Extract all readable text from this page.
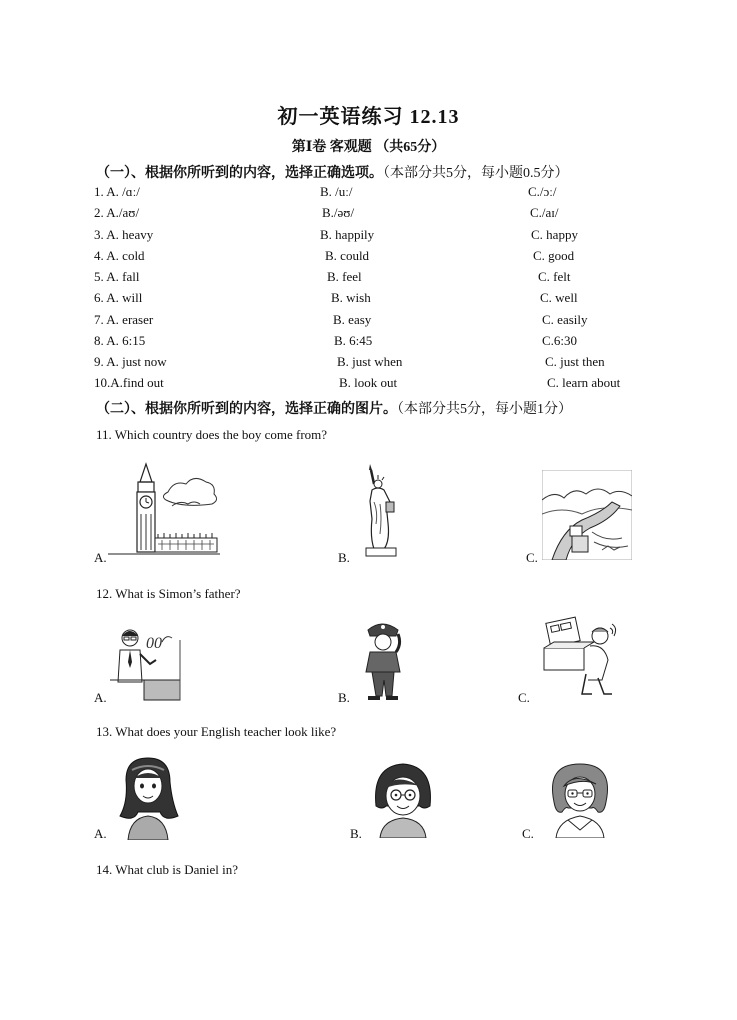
初一英语练习 12.13
第Ⅰ卷 客观题 （共65分）
（一）、根据你所听到的内容，选择正确选项。（本部分共5分，每小题0.5分）
1. A. /ɑː/	B. /uː/	C./ɔː/
2. A./aʊ/	B./əʊ/	C./aɪ/
3. A. heavy	B. happily	C. happy
4. A. cold	B. could	C. good
5. A. fall	B. feel	C. felt
6. A. will	B. wish	C. well
7. A. eraser	B. easy	C. easily
8. A. 6:15	B. 6:45	C.6:30
9. A. just now	B. just when	C. just then
10.A.find out	B. look out	C. learn about
（二）、根据你所听到的内容，选择正确的图片。（本部分共5分，每小题1分）
11. Which country does the boy come from?
A.	B.	C.
12. What is Simon’s father?
00
A.	B.	C.
13. What does your English teacher look like?
A.	B.	C.
14. What club is Daniel in?
